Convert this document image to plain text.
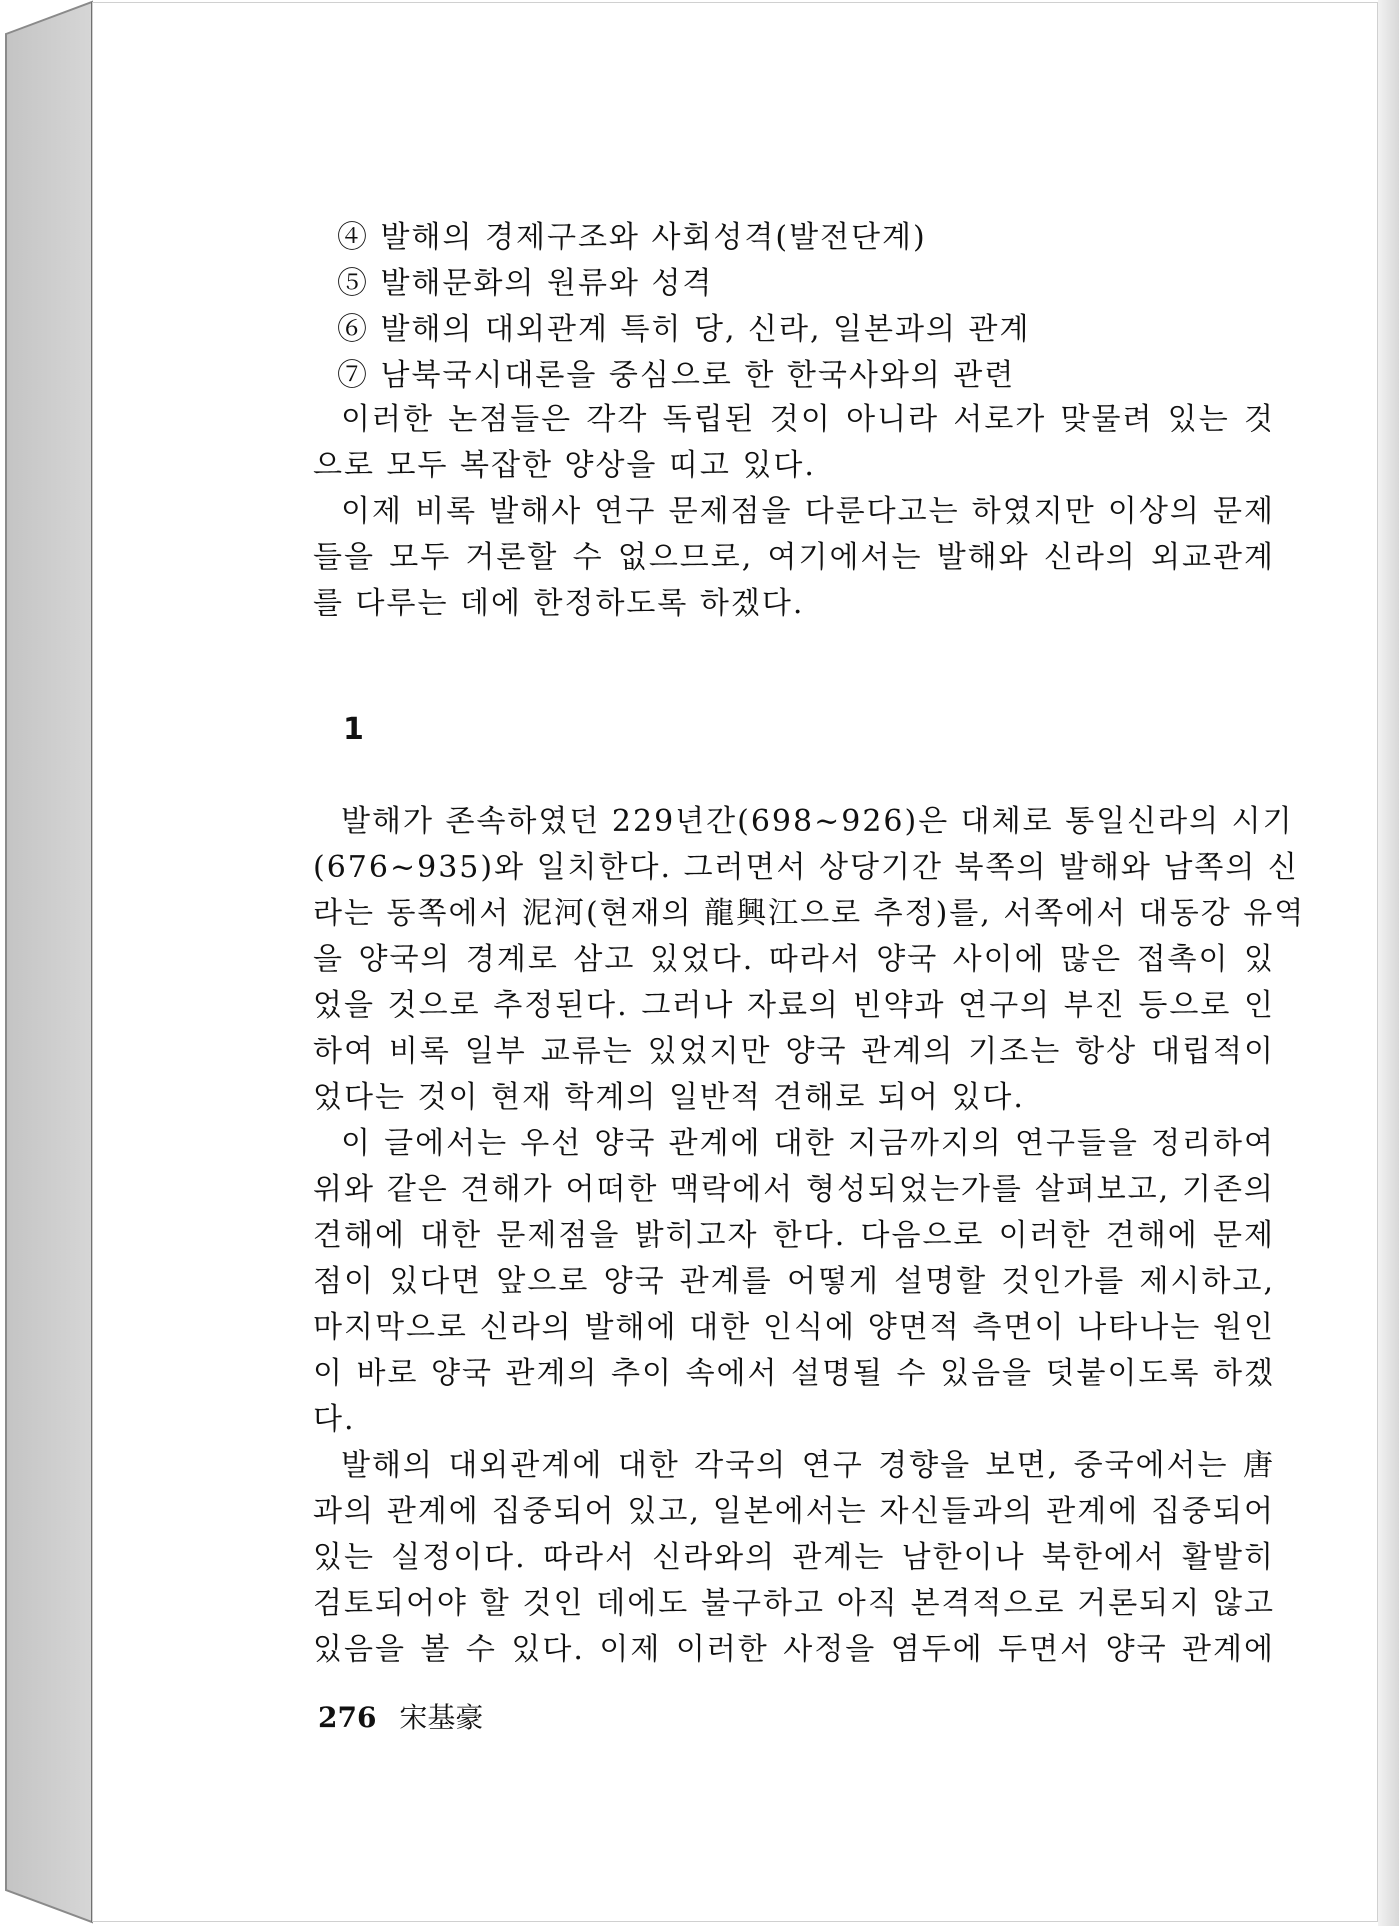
④ 발해의 경제구조와 사회성격(발전단계)
⑤ 발해문화의 원류와 성격
⑥ 발해의 대외관계 특히 당, 신라, 일본과의 관계
⑦ 남북국시대론을 중심으로 한 한국사와의 관련
이러한 논점들은 각각 독립된 것이 아니라 서로가 맞물려 있는 것
으로 모두 복잡한 양상을 띠고 있다.
이제 비록 발해사 연구 문제점을 다룬다고는 하였지만 이상의 문제
들을 모두 거론할 수 없으므로, 여기에서는 발해와 신라의 외교관계
를 다루는 데에 한정하도록 하겠다.
1
발해가 존속하였던 229년간(698~926)은 대체로 통일신라의 시기
(676~935)와 일치한다. 그러면서 상당기간 북쪽의 발해와 남쪽의 신
라는 동쪽에서 泥河(현재의 龍興江으로 추정)를, 서쪽에서 대동강 유역
을 양국의 경계로 삼고 있었다. 따라서 양국 사이에 많은 접촉이 있
었을 것으로 추정된다. 그러나 자료의 빈약과 연구의 부진 등으로 인
하여 비록 일부 교류는 있었지만 양국 관계의 기조는 항상 대립적이
었다는 것이 현재 학계의 일반적 견해로 되어 있다.
이 글에서는 우선 양국 관계에 대한 지금까지의 연구들을 정리하여
위와 같은 견해가 어떠한 맥락에서 형성되었는가를 살펴보고, 기존의
견해에 대한 문제점을 밝히고자 한다. 다음으로 이러한 견해에 문제
점이 있다면 앞으로 양국 관계를 어떻게 설명할 것인가를 제시하고,
마지막으로 신라의 발해에 대한 인식에 양면적 측면이 나타나는 원인
이 바로 양국 관계의 추이 속에서 설명될 수 있음을 덧붙이도록 하겠
다.
발해의 대외관계에 대한 각국의 연구 경향을 보면, 중국에서는 唐
과의 관계에 집중되어 있고, 일본에서는 자신들과의 관계에 집중되어
있는 실정이다. 따라서 신라와의 관계는 남한이나 북한에서 활발히
검토되어야 할 것인 데에도 불구하고 아직 본격적으로 거론되지 않고
있음을 볼 수 있다. 이제 이러한 사정을 염두에 두면서 양국 관계에
276 宋基豪
